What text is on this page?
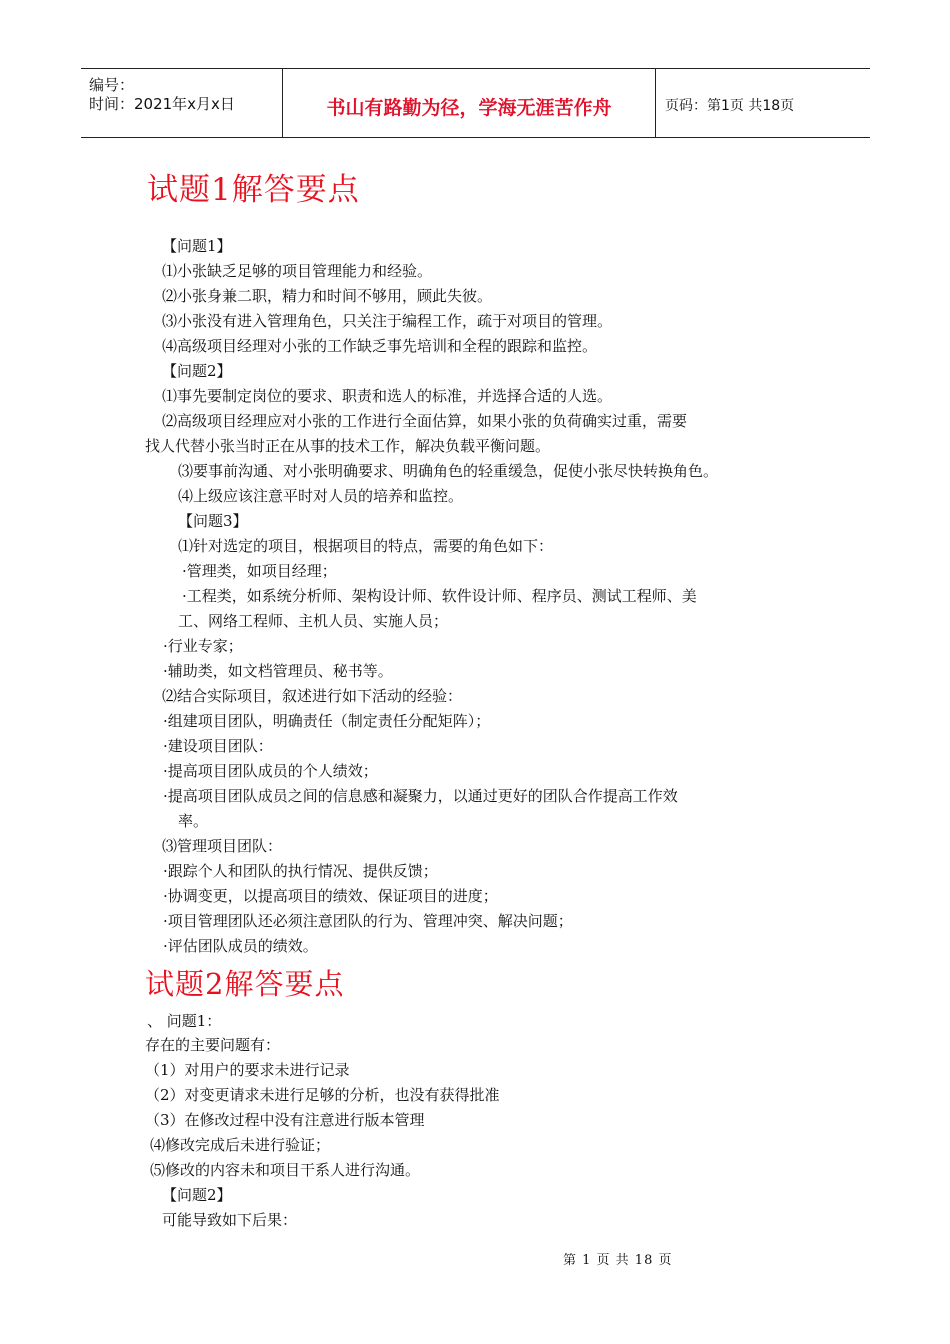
编号：
时间：2021年x月x日	书山有路勤为径，学海无涯苦作舟	页码：第1页 共18页
试题1解答要点
【问题1】
⑴小张缺乏足够的项目管理能力和经验。
⑵小张身兼二职，精力和时间不够用，顾此失彼。
⑶小张没有进入管理角色，只关注于编程工作，疏于对项目的管理。
⑷高级项目经理对小张的工作缺乏事先培训和全程的跟踪和监控。
【问题2】
⑴事先要制定岗位的要求、职责和选人的标准，并选择合适的人选。
⑵高级项目经理应对小张的工作进行全面估算，如果小张的负荷确实过重，需要
找人代替小张当时正在从事的技术工作，解决负载平衡问题。
⑶要事前沟通、对小张明确要求、明确角色的轻重缓急，促使小张尽快转换角色。
⑷上级应该注意平时对人员的培养和监控。
【问题3】
⑴针对选定的项目，根据项目的特点，需要的角色如下：
·管理类，如项目经理；
·工程类，如系统分析师、架构设计师、软件设计师、程序员、测试工程师、美
工、网络工程师、主机人员、实施人员；
·行业专家；
·辅助类，如文档管理员、秘书等。
⑵结合实际项目，叙述进行如下活动的经验：
·组建项目团队，明确责任（制定责任分配矩阵）；
·建设项目团队：
·提高项目团队成员的个人绩效；
·提高项目团队成员之间的信息感和凝聚力，以通过更好的团队合作提高工作效
率。
⑶管理项目团队：
·跟踪个人和团队的执行情况、提供反馈；
·协调变更，以提高项目的绩效、保证项目的进度；
·项目管理团队还必须注意团队的行为、管理冲突、解决问题；
·评估团队成员的绩效。
试题2解答要点
、 问题1：
存在的主要问题有：
（1）对用户的要求未进行记录
（2）对变更请求未进行足够的分析，也没有获得批准
（3）在修改过程中没有注意进行版本管理
⑷修改完成后未进行验证；
⑸修改的内容未和项目干系人进行沟通。
【问题2】
可能导致如下后果：
第 1 页 共 18 页
